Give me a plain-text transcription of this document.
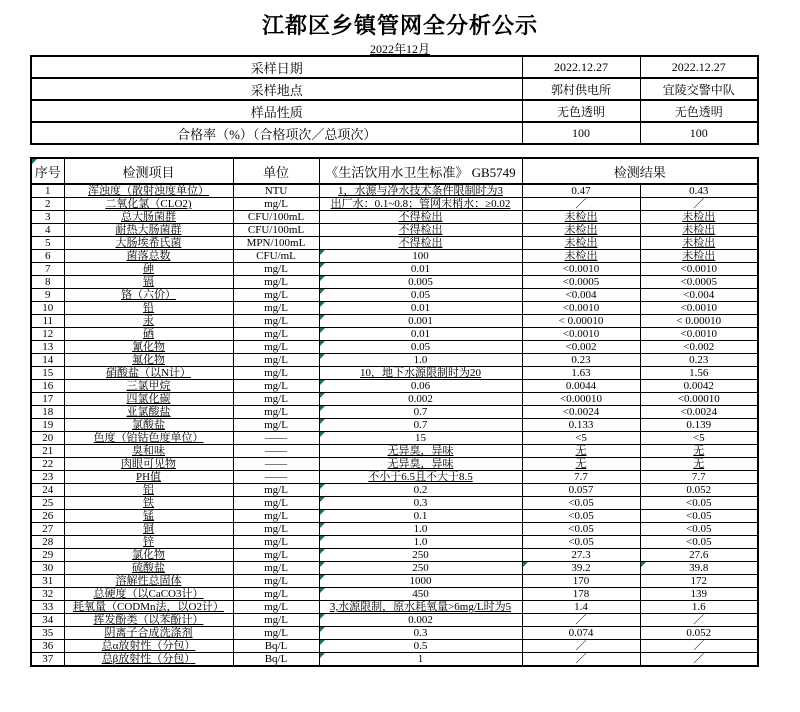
江都区乡镇管网全分析公示
2022年12月
采样日期	2022.12.27	2022.12.27
采样地点	郭村供电所	宜陵交警中队
样品性质	无色透明	无色透明
合格率（%）（合格项次／总项次）	100	100
序号	检测项目	单位	《生活饮用水卫生标准》 GB5749	检测结果	
1	浑浊度（散射浊度单位）	NTU	1，水源与净水技术条件限制时为3	0.47	0.43
2	二氧化氯（CLO2)	mg/L	出厂水：0.1~0.8；管网末梢水：≥0.02	／	／
3	总大肠菌群	CFU/100mL	不得检出	未检出	未检出
4	耐热大肠菌群	CFU/100mL	不得检出	未检出	未检出
5	大肠埃希氏菌	MPN/100mL	不得检出	未检出	未检出
6	菌落总数	CFU/mL	100	未检出	未检出
7	砷	mg/L	0.01	<0.0010	<0.0010
8	镉	mg/L	0.005	<0.0005	<0.0005
9	铬（六价）	mg/L	0.05	<0.004	<0.004
10	铅	mg/L	0.01	<0.0010	<0.0010
11	汞	mg/L	0.001	< 0.00010	< 0.00010
12	硒	mg/L	0.01	<0.0010	<0.0010
13	氰化物	mg/L	0.05	<0.002	<0.002
14	氟化物	mg/L	1.0	0.23	0.23
15	硝酸盐（以N计）	mg/L	10，地下水源限制时为20	1.63	1.56
16	三氯甲烷	mg/L	0.06	0.0044	0.0042
17	四氯化碳	mg/L	0.002	<0.00010	<0.00010
18	亚氯酸盐	mg/L	0.7	<0.0024	<0.0024
19	氯酸盐	mg/L	0.7	0.133	0.139
20	色度（铂钴色度单位）	——	15	<5	<5
21	臭和味	——	无异臭，异味	无	无
22	肉眼可见物	——	无异臭，异味	无	无
23	PH值	——	不小于6.5且不大于8.5	7.7	7.7
24	铝	mg/L	0.2	0.057	0.052
25	铁	mg/L	0.3	<0.05	<0.05
26	锰	mg/L	0.1	<0.05	<0.05
27	铜	mg/L	1.0	<0.05	<0.05
28	锌	mg/L	1.0	<0.05	<0.05
29	氯化物	mg/L	250	27.3	27.6
30	硫酸盐	mg/L	250	39.2	39.8
31	溶解性总固体	mg/L	1000	170	172
32	总硬度（以CaCO3计）	mg/L	450	178	139
33	耗氧量（CODMn法，以O2计）	mg/L	3,水源限制，原水耗氧量>6mg/L时为5	1.4	1.6
34	挥发酚类（以苯酚计）	mg/L	0.002	／	／
35	阴离子合成洗涤剂	mg/L	0.3	0.074	0.052
36	总α放射性（分包）	Bq/L	0.5	／	／
37	总β放射性（分包）	Bq/L	1	／	／
